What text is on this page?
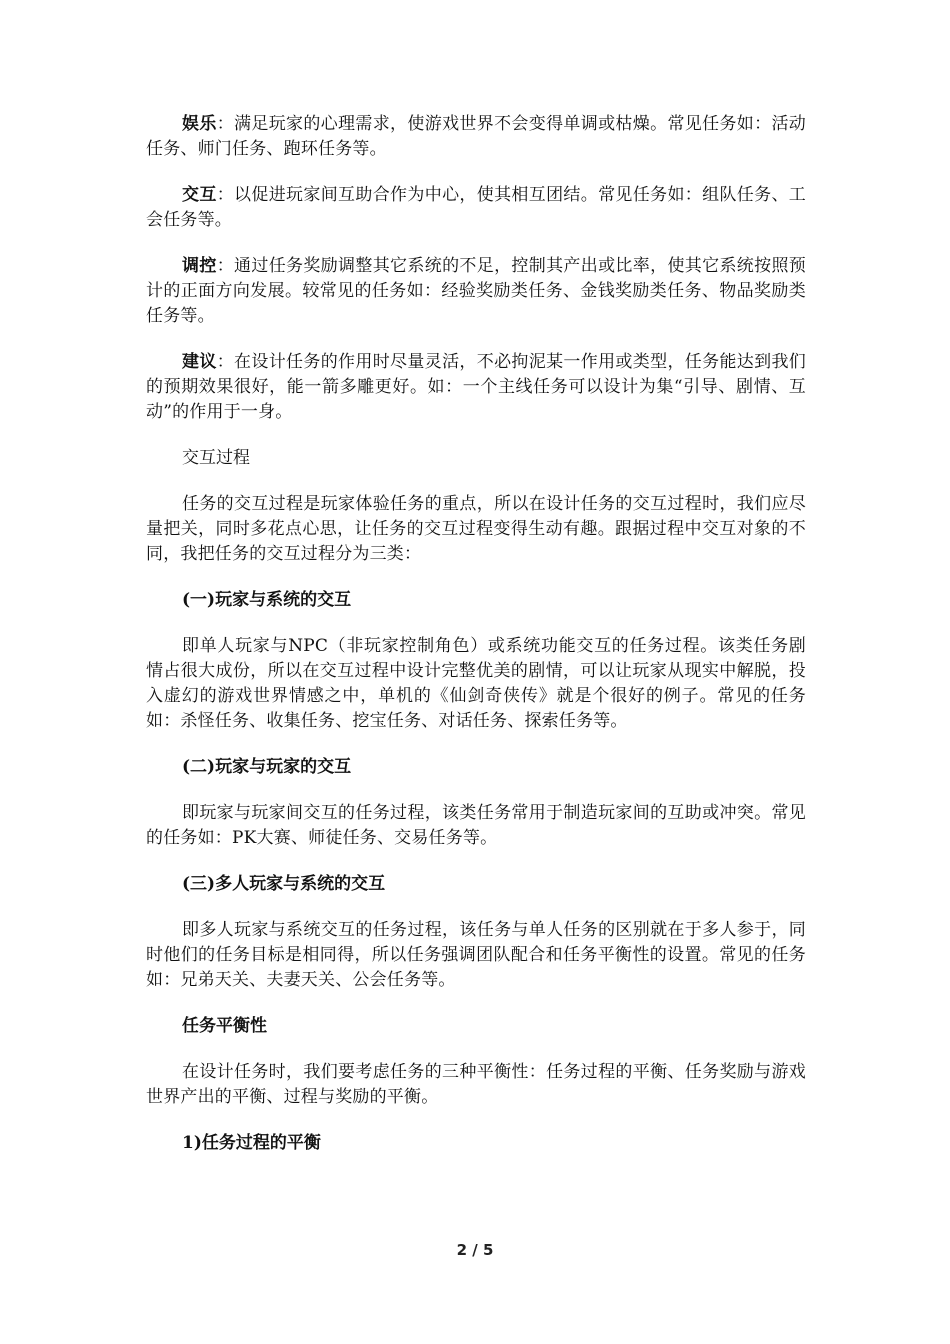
娱乐：满足玩家的心理需求，使游戏世界不会变得单调或枯燥。常见任务如：活动任务、师门任务、跑环任务等。

交互：以促进玩家间互助合作为中心，使其相互团结。常见任务如：组队任务、工会任务等。

调控：通过任务奖励调整其它系统的不足，控制其产出或比率，使其它系统按照预计的正面方向发展。较常见的任务如：经验奖励类任务、金钱奖励类任务、物品奖励类任务等。

建议：在设计任务的作用时尽量灵活，不必拘泥某一作用或类型，任务能达到我们的预期效果很好，能一箭多雕更好。如：一个主线任务可以设计为集“引导、剧情、互动”的作用于一身。

交互过程

任务的交互过程是玩家体验任务的重点，所以在设计任务的交互过程时，我们应尽量把关，同时多花点心思，让任务的交互过程变得生动有趣。跟据过程中交互对象的不同，我把任务的交互过程分为三类：

(一)玩家与系统的交互

即单人玩家与NPC（非玩家控制角色）或系统功能交互的任务过程。该类任务剧情占很大成份，所以在交互过程中设计完整优美的剧情，可以让玩家从现实中解脱，投入虚幻的游戏世界情感之中，单机的《仙剑奇侠传》就是个很好的例子。常见的任务如：杀怪任务、收集任务、挖宝任务、对话任务、探索任务等。

(二)玩家与玩家的交互

即玩家与玩家间交互的任务过程，该类任务常用于制造玩家间的互助或冲突。常见的任务如：PK大赛、师徒任务、交易任务等。

(三)多人玩家与系统的交互

即多人玩家与系统交互的任务过程，该任务与单人任务的区别就在于多人参于，同时他们的任务目标是相同得，所以任务强调团队配合和任务平衡性的设置。常见的任务如：兄弟天关、夫妻天关、公会任务等。

任务平衡性

在设计任务时，我们要考虑任务的三种平衡性：任务过程的平衡、任务奖励与游戏世界产出的平衡、过程与奖励的平衡。

1)任务过程的平衡
2 / 5
